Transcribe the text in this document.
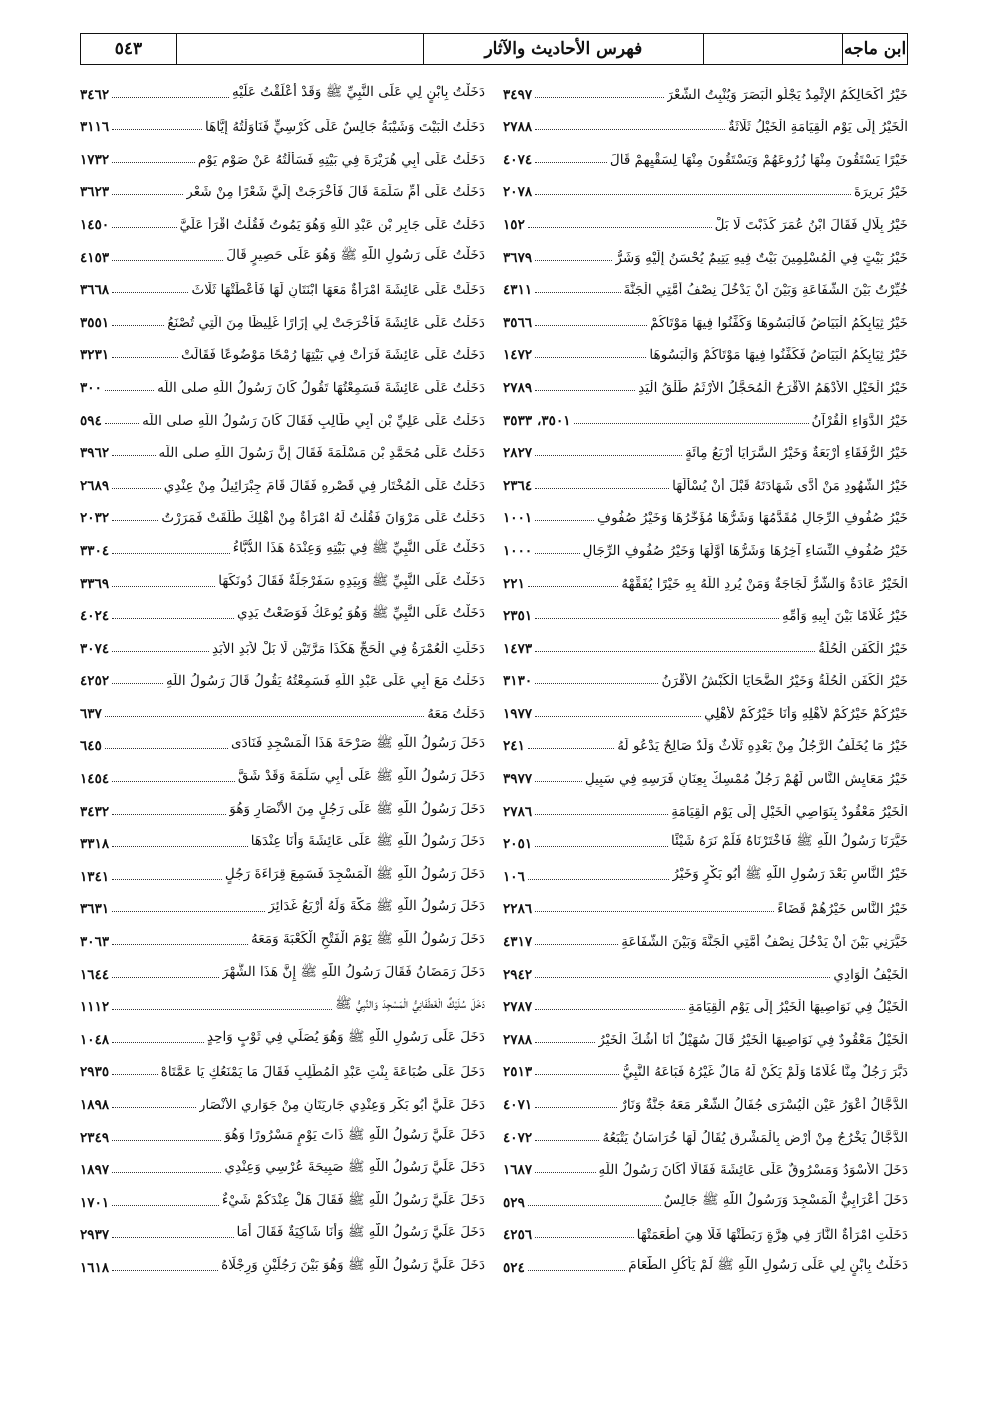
ابن ماجه
فهرس الأحاديث والآثار
٥٤٣
خَيْرُ أَكْحَالِكُمُ الإِثْمِدُ يَجْلُو الْبَصَرَ وَيُنْبِتُ الشَّعْرَ
٣٤٩٧
الْخَيْرُ إِلَى يَوْمِ الْقِيَامَةِ الْخَيْلُ ثَلَاثَةٌ
٢٧٨٨
خَيْرًا يَسْتَقُونَ مِنْهَا زُرُوعَهُمْ وَيَسْتَقُونَ مِنْهَا لِسَقْيِهِمْ قَالَ
٤٠٧٤
خَيْرُ بَرِيرَةَ
٢٠٧٨
خَيْرُ بِلَالٍ فَقَالَ ابْنُ عُمَرَ كَذَبْتَ لَا بَلْ
١٥٢
خَيْرُ بَيْتٍ فِي الْمُسْلِمِينَ بَيْتٌ فِيهِ يَتِيمٌ يُحْسَنُ إِلَيْهِ وَشَرُّ
٣٦٧٩
خُيِّرْتُ بَيْنَ الشَّفَاعَةِ وَبَيْنَ أَنْ يَدْخُلَ نِصْفُ أُمَّتِي الْجَنَّةَ
٤٣١١
خَيْرُ ثِيَابِكُمُ الْبَيَاضُ فَالْبَسُوهَا وَكَفِّنُوا فِيهَا مَوْتَاكُمْ
٣٥٦٦
خَيْرُ ثِيَابِكُمُ الْبَيَاضُ فَكَفِّنُوا فِيهَا مَوْتَاكُمْ وَالْبَسُوهَا
١٤٧٢
خَيْرُ الْخَيْلِ الأَدْهَمُ الأَقْرَحُ الْمُحَجَّلُ الأَرْثَمُ طَلْقُ الْيَدِ
٢٧٨٩
خَيْرُ الدَّوَاءِ الْقُرْآنُ
٣٥٠١، ٣٥٣٣
خَيْرُ الرُّفَقَاءِ أَرْبَعَةٌ وَخَيْرُ السَّرَايَا أَرْبَعُ مِائَةٍ
٢٨٢٧
خَيْرُ الشُّهُودِ مَنْ أَدَّى شَهَادَتَهُ قَبْلَ أَنْ يُسْأَلَهَا
٢٣٦٤
خَيْرُ صُفُوفِ الرِّجَالِ مُقَدَّمُهَا وَشَرُّهَا مُؤَخَّرُهَا وَخَيْرُ صُفُوفِ
١٠٠١
خَيْرُ صُفُوفِ النِّسَاءِ آخِرُهَا وَشَرُّهَا أَوَّلُهَا وَخَيْرُ صُفُوفِ الرِّجَالِ
١٠٠٠
الْخَيْرُ عَادَةٌ وَالشَّرُّ لَجَاجَةٌ وَمَنْ يُرِدِ اللَّهُ بِهِ خَيْرًا يُفَقِّهْهُ
٢٢١
خَيْرُ غُلَامًا بَيْنَ أَبِيهِ وَأُمِّهِ
٢٣٥١
خَيْرُ الْكَفَنِ الْحُلَّةُ
١٤٧٣
خَيْرُ الْكَفَنِ الْحُلَّةُ وَخَيْرُ الضَّحَايَا الْكَبْشُ الأَقْرَنُ
٣١٣٠
خَيْرُكُمْ خَيْرُكُمْ لأَهْلِهِ وَأَنَا خَيْرُكُمْ لأَهْلِي
١٩٧٧
خَيْرُ مَا يُخَلِّفُ الرَّجُلُ مِنْ بَعْدِهِ ثَلَاثٌ وَلَدٌ صَالِحٌ يَدْعُو لَهُ
٢٤١
خَيْرُ مَعَايِشِ النَّاسِ لَهُمْ رَجُلٌ مُمْسِكٌ بِعِنَانِ فَرَسِهِ فِي سَبِيلِ
٣٩٧٧
الْخَيْرُ مَعْقُودٌ بِنَوَاصِي الْخَيْلِ إِلَى يَوْمِ الْقِيَامَةِ
٢٧٨٦
خَيَّرَنَا رَسُولُ اللَّهِ ﷺ فَاخْتَرْنَاهُ فَلَمْ نَرَهُ شَيْئًا
٢٠٥١
خَيْرُ النَّاسِ بَعْدَ رَسُولِ اللَّهِ ﷺ أَبُو بَكْرٍ وَخَيْرُ
١٠٦
خَيْرُ النَّاسِ خَيْرُهُمْ قَضَاءً
٢٢٨٦
خَيَّرَنِي بَيْنَ أَنْ يَدْخُلَ نِصْفُ أُمَّتِي الْجَنَّةَ وَبَيْنَ الشَّفَاعَةِ
٤٣١٧
الْخَيْفُ الْوَادِي
٢٩٤٢
الْخَيْلُ فِي نَوَاصِيهَا الْخَيْرُ إِلَى يَوْمِ الْقِيَامَةِ
٢٧٨٧
الْخَيْلُ مَعْقُودٌ فِي نَوَاصِيهَا الْخَيْرُ قَالَ سُهَيْلٌ أَنَا أَشُكُّ الْخَيْرُ
٢٧٨٨
دَبَّرَ رَجُلٌ مِنَّا غُلَامًا وَلَمْ يَكُنْ لَهُ مَالٌ غَيْرُهُ فَبَاعَهُ النَّبِيُّ
٢٥١٣
الدَّجَّالُ أَعْوَرُ عَيْنِ الْيُسْرَى جُفَالُ الشَّعْرِ مَعَهُ جَنَّةٌ وَنَارٌ
٤٠٧١
الدَّجَّالُ يَخْرُجُ مِنْ أَرْضٍ بِالْمَشْرِقِ يُقَالُ لَهَا خُرَاسَانُ يَتْبَعُهُ
٤٠٧٢
دَخَلَ الأَسْوَدُ وَمَسْرُوقٌ عَلَى عَائِشَةَ فَقَالَا أَكَانَ رَسُولُ اللَّهِ
١٦٨٧
دَخَلَ أَعْرَابِيٌّ الْمَسْجِدَ وَرَسُولُ اللَّهِ ﷺ جَالِسٌ
٥٢٩
دَخَلَتِ امْرَأَةٌ النَّارَ فِي هِرَّةٍ رَبَطَتْهَا فَلَا هِيَ أَطْعَمَتْهَا
٤٢٥٦
دَخَلْتُ بِابْنٍ لِي عَلَى رَسُولِ اللَّهِ ﷺ لَمْ يَأْكُلِ الطَّعَامَ
٥٢٤
دَخَلْتُ بِابْنٍ لِي عَلَى النَّبِيِّ ﷺ وَقَدْ أَعْلَقْتُ عَلَيْهِ
٣٤٦٢
دَخَلْتُ الْبَيْتَ وَشَيْبَةُ جَالِسٌ عَلَى كُرْسِيٍّ فَنَاوَلْتُهُ إِيَّاهَا
٣١١٦
دَخَلْتُ عَلَى أَبِي هُرَيْرَةَ فِي بَيْتِهِ فَسَأَلْتُهُ عَنْ صَوْمِ يَوْمٍ
١٧٣٢
دَخَلْتُ عَلَى أُمِّ سَلَمَةَ قَالَ فَأَخْرَجَتْ إِلَيَّ شَعْرًا مِنْ شَعْرِ
٣٦٢٣
دَخَلْتُ عَلَى جَابِرِ بْنِ عَبْدِ اللَّهِ وَهُوَ يَمُوتُ فَقُلْتُ اقْرَأْ عَلَيَّ
١٤٥٠
دَخَلْتُ عَلَى رَسُولِ اللَّهِ ﷺ وَهُوَ عَلَى حَصِيرٍ قَالَ
٤١٥٣
دَخَلَتْ عَلَى عَائِشَةَ امْرَأَةٌ مَعَهَا ابْنَتَانِ لَهَا فَأَعْطَتْهَا ثَلَاثَ
٣٦٦٨
دَخَلْتُ عَلَى عَائِشَةَ فَأَخْرَجَتْ لِي إِزَارًا غَلِيظًا مِنَ الَّتِي تُصْنَعُ
٣٥٥١
دَخَلْتُ عَلَى عَائِشَةَ فَرَأَتْ فِي بَيْتِهَا رُمْحًا مَوْضُوعًا فَقَالَتْ
٣٢٣١
دَخَلْتُ عَلَى عَائِشَةَ فَسَمِعْتُهَا تَقُولُ كَانَ رَسُولُ اللَّهِ صلى اللَّه
٣٠٠
دَخَلْتُ عَلَى عَلِيِّ بْنِ أَبِي طَالِبٍ فَقَالَ كَانَ رَسُولُ اللَّهِ صلى اللَّه
٥٩٤
دَخَلْتُ عَلَى مُحَمَّدِ بْنِ مَسْلَمَةَ فَقَالَ إِنَّ رَسُولَ اللَّهِ صلى اللَّه
٣٩٦٢
دَخَلْتُ عَلَى الْمُخْتَارِ فِي قَصْرِهِ فَقَالَ قَامَ جِبْرَائِيلُ مِنْ عِنْدِي
٢٦٨٩
دَخَلْتُ عَلَى مَرْوَانَ فَقُلْتُ لَهُ امْرَأَةٌ مِنْ أَهْلِكَ طُلِّقَتْ فَمَرَرْتُ
٢٠٣٢
دَخَلْتُ عَلَى النَّبِيِّ ﷺ فِي بَيْتِهِ وَعِنْدَهُ هَذَا الدُّبَّاءُ
٣٣٠٤
دَخَلْتُ عَلَى النَّبِيِّ ﷺ وَبِيَدِهِ سَفَرْجَلَةٌ فَقَالَ دُونَكَهَا
٣٣٦٩
دَخَلْتُ عَلَى النَّبِيِّ ﷺ وَهُوَ يُوعَكُ فَوَضَعْتُ يَدِي
٤٠٢٤
دَخَلَتِ الْعُمْرَةُ فِي الْحَجِّ هَكَذَا مَرَّتَيْنِ لَا بَلْ لأَبَدِ الأَبَدِ
٣٠٧٤
دَخَلْتُ مَعَ أَبِي عَلَى عَبْدِ اللَّهِ فَسَمِعْتُهُ يَقُولُ قَالَ رَسُولُ اللَّهِ
٤٢٥٢
دَخَلْتُ مَعَهُ
٦٣٧
دَخَلَ رَسُولُ اللَّهِ ﷺ صَرْحَةَ هَذَا الْمَسْجِدِ فَنَادَى
٦٤٥
دَخَلَ رَسُولُ اللَّهِ ﷺ عَلَى أَبِي سَلَمَةَ وَقَدْ شَقَّ
١٤٥٤
دَخَلَ رَسُولُ اللَّهِ ﷺ عَلَى رَجُلٍ مِنَ الأَنْصَارِ وَهُوَ
٣٤٣٢
دَخَلَ رَسُولُ اللَّهِ ﷺ عَلَى عَائِشَةَ وَأَنَا عِنْدَهَا
٣٣١٨
دَخَلَ رَسُولُ اللَّهِ ﷺ الْمَسْجِدَ فَسَمِعَ قِرَاءَةَ رَجُلٍ
١٣٤١
دَخَلَ رَسُولُ اللَّهِ ﷺ مَكَّةَ وَلَهُ أَرْبَعُ غَدَائِرَ
٣٦٣١
دَخَلَ رَسُولُ اللَّهِ ﷺ يَوْمَ الْفَتْحِ الْكَعْبَةَ وَمَعَهُ
٣٠٦٣
دَخَلَ رَمَضَانُ فَقَالَ رَسُولُ اللَّهِ ﷺ إِنَّ هَذَا الشَّهْرَ
١٦٤٤
دَخَلَ سُلَيْكٌ الْغَطَفَانِيُّ الْمَسْجِدَ وَالنَّبِيُّ ﷺ
١١١٢
دَخَلَ عَلَى رَسُولِ اللَّهِ ﷺ وَهُوَ يُصَلِّي فِي ثَوْبٍ وَاحِدٍ
١٠٤٨
دَخَلَ عَلَى ضُبَاعَةَ بِنْتِ عَبْدِ الْمُطَّلِبِ فَقَالَ مَا يَمْنَعُكِ يَا عَمَّتَاهْ
٢٩٣٥
دَخَلَ عَلَيَّ أَبُو بَكْرٍ وَعِنْدِي جَارِيَتَانِ مِنْ جَوَارِي الأَنْصَارِ
١٨٩٨
دَخَلَ عَلَيَّ رَسُولُ اللَّهِ ﷺ ذَاتَ يَوْمٍ مَسْرُورًا وَهُوَ
٢٣٤٩
دَخَلَ عَلَيَّ رَسُولُ اللَّهِ ﷺ صَبِيحَةَ عُرْسِي وَعِنْدِي
١٨٩٧
دَخَلَ عَلَيَّ رَسُولُ اللَّهِ ﷺ فَقَالَ هَلْ عِنْدَكُمْ شَيْءٌ
١٧٠١
دَخَلَ عَلَيَّ رَسُولُ اللَّهِ ﷺ وَأَنَا شَاكِيَةٌ فَقَالَ أَمَا
٢٩٣٧
دَخَلَ عَلَيَّ رَسُولُ اللَّهِ ﷺ وَهُوَ بَيْنَ رَجُلَيْنِ وَرِجْلَاهُ
١٦١٨
